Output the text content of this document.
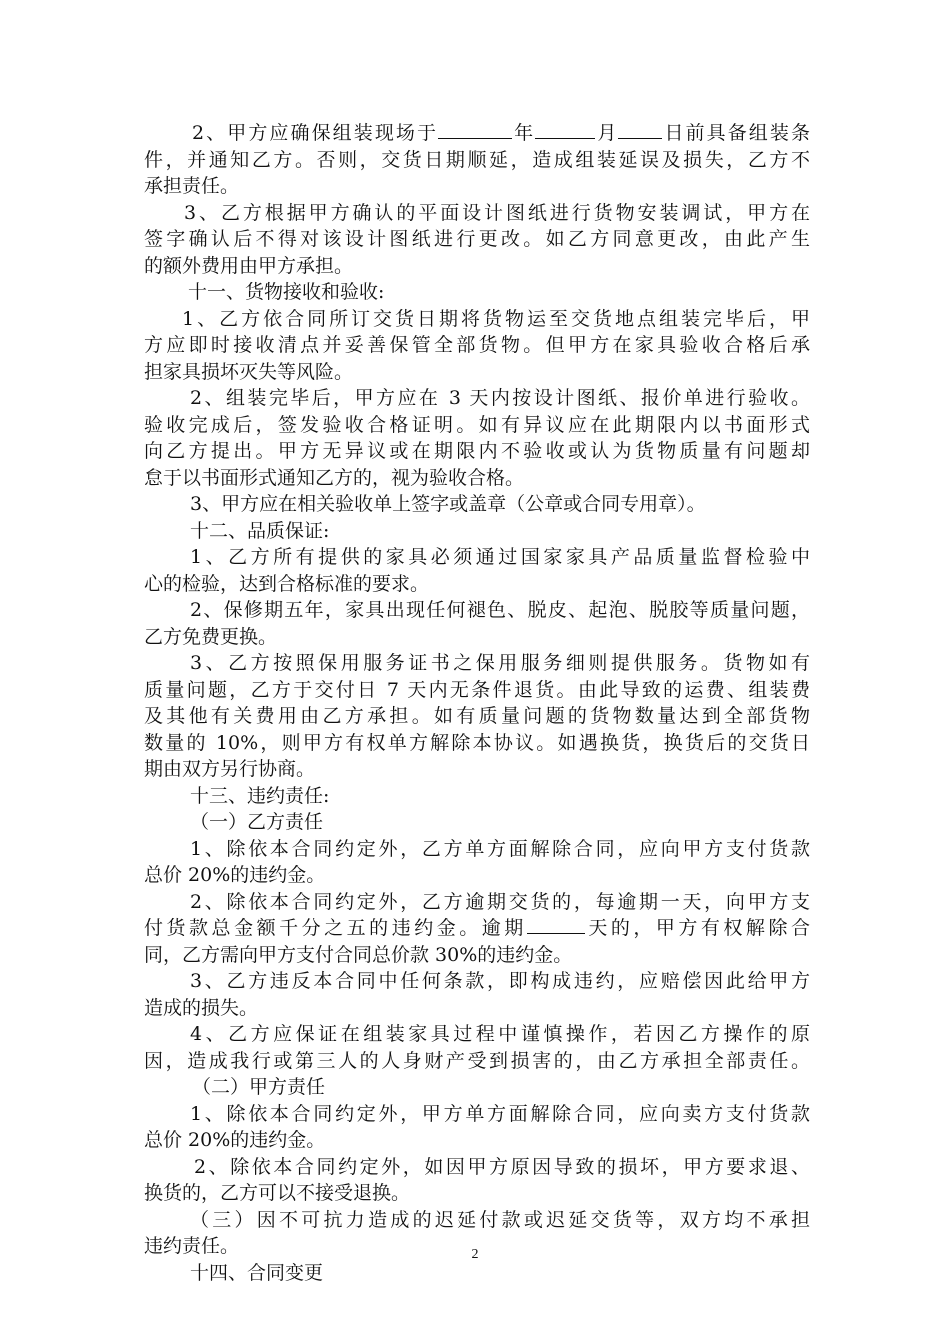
2、甲方应确保组装现场于	年	月 日前具备组装条
件，并通知乙方。否则，交货日期顺延，造成组装延误及损失，乙方不
承担责任。
3、乙方根据甲方确认的平面设计图纸进行货物安装调试，甲方在
签字确认后不得对该设计图纸进行更改。如乙方同意更改，由此产生
的额外费用由甲方承担。
十一、货物接收和验收:
1、乙方依合同所订交货日期将货物运至交货地点组装完毕后，甲
方应即时接收清点并妥善保管全部货物。但甲方在家具验收合格后承
担家具损坏灭失等风险。
2、组装完毕后，甲方应在 3 天内按设计图纸、报价单进行验收。
验收完成后，签发验收合格证明。如有异议应在此期限内以书面形式
向乙方提出。甲方无异议或在期限内不验收或认为货物质量有问题却
怠于以书面形式通知乙方的，视为验收合格。
3、甲方应在相关验收单上签字或盖章（公章或合同专用章）。
十二、品质保证:
1、乙方所有提供的家具必须通过国家家具产品质量监督检验中
心的检验，达到合格标准的要求。
2、保修期五年，家具出现任何褪色、脱皮、起泡、脱胶等质量问题，
乙方免费更换。
3、乙方按照保用服务证书之保用服务细则提供服务。货物如有
质量问题，乙方于交付日 7 天内无条件退货。由此导致的运费、组装费
及其他有关费用由乙方承担。如有质量问题的货物数量达到全部货物
数量的 10%，则甲方有权单方解除本协议。如遇换货，换货后的交货日
期由双方另行协商。
十三、违约责任:
（一）乙方责任
1、除依本合同约定外，乙方单方面解除合同，应向甲方支付货款
总价 20%的违约金。
2、除依本合同约定外，乙方逾期交货的，每逾期一天，向甲方支
付货款总金额千分之五的违约金。逾期	天的，甲方有权解除合
同，乙方需向甲方支付合同总价款 30%的违约金。
3、乙方违反本合同中任何条款，即构成违约，应赔偿因此给甲方
造成的损失。
4、乙方应保证在组装家具过程中谨慎操作，若因乙方操作的原
因，造成我行或第三人的人身财产受到损害的，由乙方承担全部责任。
（二）甲方责任
1、除依本合同约定外，甲方单方面解除合同，应向卖方支付货款
总价 20%的违约金。
2、除依本合同约定外，如因甲方原因导致的损坏，甲方要求退、
换货的，乙方可以不接受退换。
（三）因不可抗力造成的迟延付款或迟延交货等，双方均不承担
违约责任。
十四、合同变更
2
